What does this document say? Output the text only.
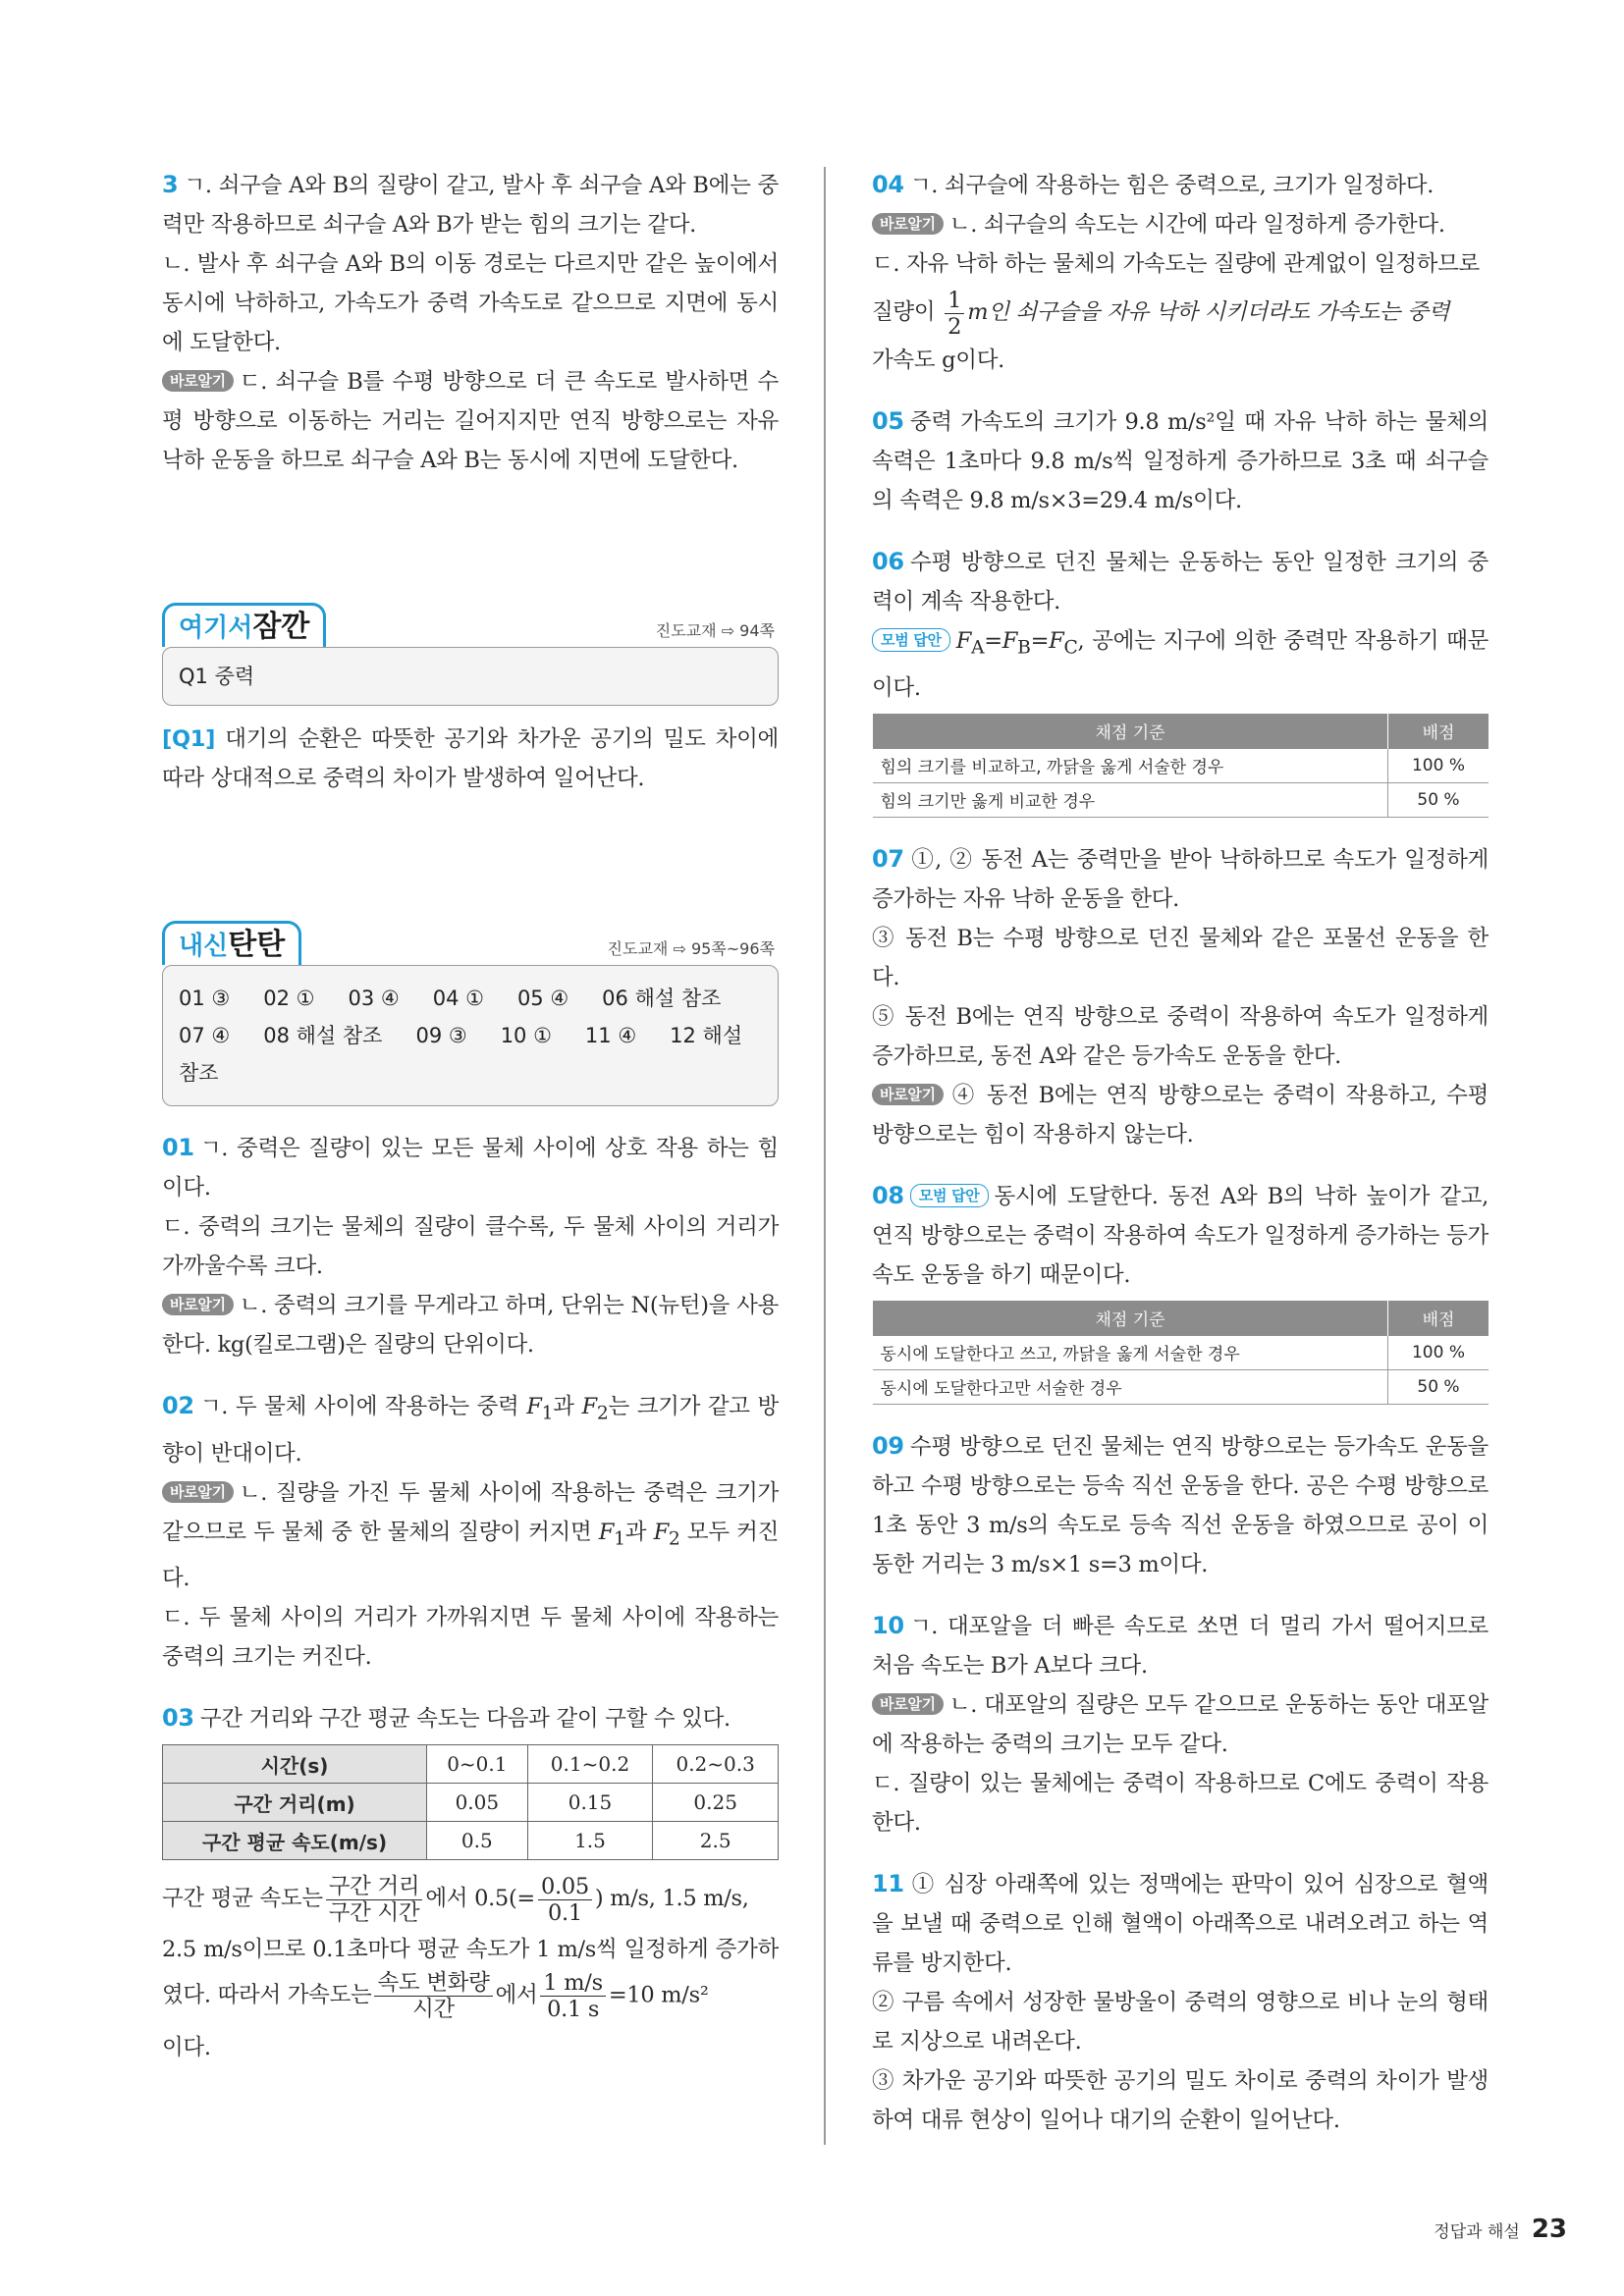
3 ㄱ. 쇠구슬 A와 B의 질량이 같고, 발사 후 쇠구슬 A와 B에는 중력만 작용하므로 쇠구슬 A와 B가 받는 힘의 크기는 같다.

ㄴ. 발사 후 쇠구슬 A와 B의 이동 경로는 다르지만 같은 높이에서 동시에 낙하하고, 가속도가 중력 가속도로 같으므로 지면에 동시에 도달한다.

바로알기 ㄷ. 쇠구슬 B를 수평 방향으로 더 큰 속도로 발사하면 수평 방향으로 이동하는 거리는 길어지지만 연직 방향으로는 자유 낙하 운동을 하므로 쇠구슬 A와 B는 동시에 지면에 도달한다.

여기서잠깐	진도교재 ⇨ 94쪽
Q1 중력

[Q1] 대기의 순환은 따뜻한 공기와 차가운 공기의 밀도 차이에 따라 상대적으로 중력의 차이가 발생하여 일어난다.

내신탄탄	진도교재 ⇨ 95쪽~96쪽
01 ③ 02 ① 03 ④ 04 ① 05 ④ 06 해설 참조
07 ④ 08 해설 참조 09 ③ 10 ① 11 ④ 12 해설
참조

01 ㄱ. 중력은 질량이 있는 모든 물체 사이에 상호 작용 하는 힘이다.

ㄷ. 중력의 크기는 물체의 질량이 클수록, 두 물체 사이의 거리가 가까울수록 크다.

바로알기 ㄴ. 중력의 크기를 무게라고 하며, 단위는 N(뉴턴)을 사용한다. kg(킬로그램)은 질량의 단위이다.

02 ㄱ. 두 물체 사이에 작용하는 중력 $F_1$과 $F_2$는 크기가 같고 방향이 반대이다.

바로알기 ㄴ. 질량을 가진 두 물체 사이에 작용하는 중력은 크기가 같으므로 두 물체 중 한 물체의 질량이 커지면 $F_1$과 $F_2$ 모두 커진다.

ㄷ. 두 물체 사이의 거리가 가까워지면 두 물체 사이에 작용하는 중력의 크기는 커진다.

03 구간 거리와 구간 평균 속도는 다음과 같이 구할 수 있다.

시간(s)	0~0.1	0.1~0.2	0.2~0.3
구간 거리(m)	0.05	0.15	0.25
구간 평균 속도(m/s)	0.5	1.5	2.5

구간 평균 속도는 $\frac{\text{구간 거리}}{\text{구간 시간}}$ 에서 $0.5(= \frac{0.05}{0.1}$ ) m/s, 1.5 m/s,

2.5 m/s이므로 0.1초마다 평균 속도가 1 m/s씩 일정하게 증가하였다. 따라서 가속도는 $\frac{\text{속도 변화량}}{\text{시간}}$ 에서 $\frac{1 m/s}{0.1 s} =10$ m/s²

이다.

04 ㄱ. 쇠구슬에 작용하는 힘은 중력으로, 크기가 일정하다.

바로알기 ㄴ. 쇠구슬의 속도는 시간에 따라 일정하게 증가한다.

ㄷ. 자유 낙하 하는 물체의 가속도는 질량에 관계없이 일정하므로

질량이 $\frac{1}{2}$ m인 쇠구슬을 자유 낙하 시키더라도 가속도는 중력

가속도 g이다.

05 중력 가속도의 크기가 9.8 m/s²일 때 자유 낙하 하는 물체의 속력은 1초마다 9.8 m/s씩 일정하게 증가하므로 3초 때 쇠구슬의 속력은 9.8 m/s×3=29.4 m/s이다.

06 수평 방향으로 던진 물체는 운동하는 동안 일정한 크기의 중력이 계속 작용한다.

모범 답안 $F_A=F_B=F_C$, 공에는 지구에 의한 중력만 작용하기 때문이다.

채점 기준	배점
힘의 크기를 비교하고, 까닭을 옳게 서술한 경우	100 %
힘의 크기만 옳게 비교한 경우	50 %

07 ①, ② 동전 A는 중력만을 받아 낙하하므로 속도가 일정하게 증가하는 자유 낙하 운동을 한다.

③ 동전 B는 수평 방향으로 던진 물체와 같은 포물선 운동을 한다.

⑤ 동전 B에는 연직 방향으로 중력이 작용하여 속도가 일정하게 증가하므로, 동전 A와 같은 등가속도 운동을 한다.

바로알기 ④ 동전 B에는 연직 방향으로는 중력이 작용하고, 수평 방향으로는 힘이 작용하지 않는다.

08 모범 답안 동시에 도달한다. 동전 A와 B의 낙하 높이가 같고, 연직 방향으로는 중력이 작용하여 속도가 일정하게 증가하는 등가속도 운동을 하기 때문이다.

채점 기준	배점
동시에 도달한다고 쓰고, 까닭을 옳게 서술한 경우	100 %
동시에 도달한다고만 서술한 경우	50 %

09 수평 방향으로 던진 물체는 연직 방향으로는 등가속도 운동을 하고 수평 방향으로는 등속 직선 운동을 한다. 공은 수평 방향으로 1초 동안 3 m/s의 속도로 등속 직선 운동을 하였으므로 공이 이동한 거리는 3 m/s×1 s=3 m이다.

10 ㄱ. 대포알을 더 빠른 속도로 쏘면 더 멀리 가서 떨어지므로 처음 속도는 B가 A보다 크다.

바로알기 ㄴ. 대포알의 질량은 모두 같으므로 운동하는 동안 대포알에 작용하는 중력의 크기는 모두 같다.

ㄷ. 질량이 있는 물체에는 중력이 작용하므로 C에도 중력이 작용한다.

11 ① 심장 아래쪽에 있는 정맥에는 판막이 있어 심장으로 혈액을 보낼 때 중력으로 인해 혈액이 아래쪽으로 내려오려고 하는 역류를 방지한다.

② 구름 속에서 성장한 물방울이 중력의 영향으로 비나 눈의 형태로 지상으로 내려온다.

③ 차가운 공기와 따뜻한 공기의 밀도 차이로 중력의 차이가 발생하여 대류 현상이 일어나 대기의 순환이 일어난다.

정답과 해설 23
